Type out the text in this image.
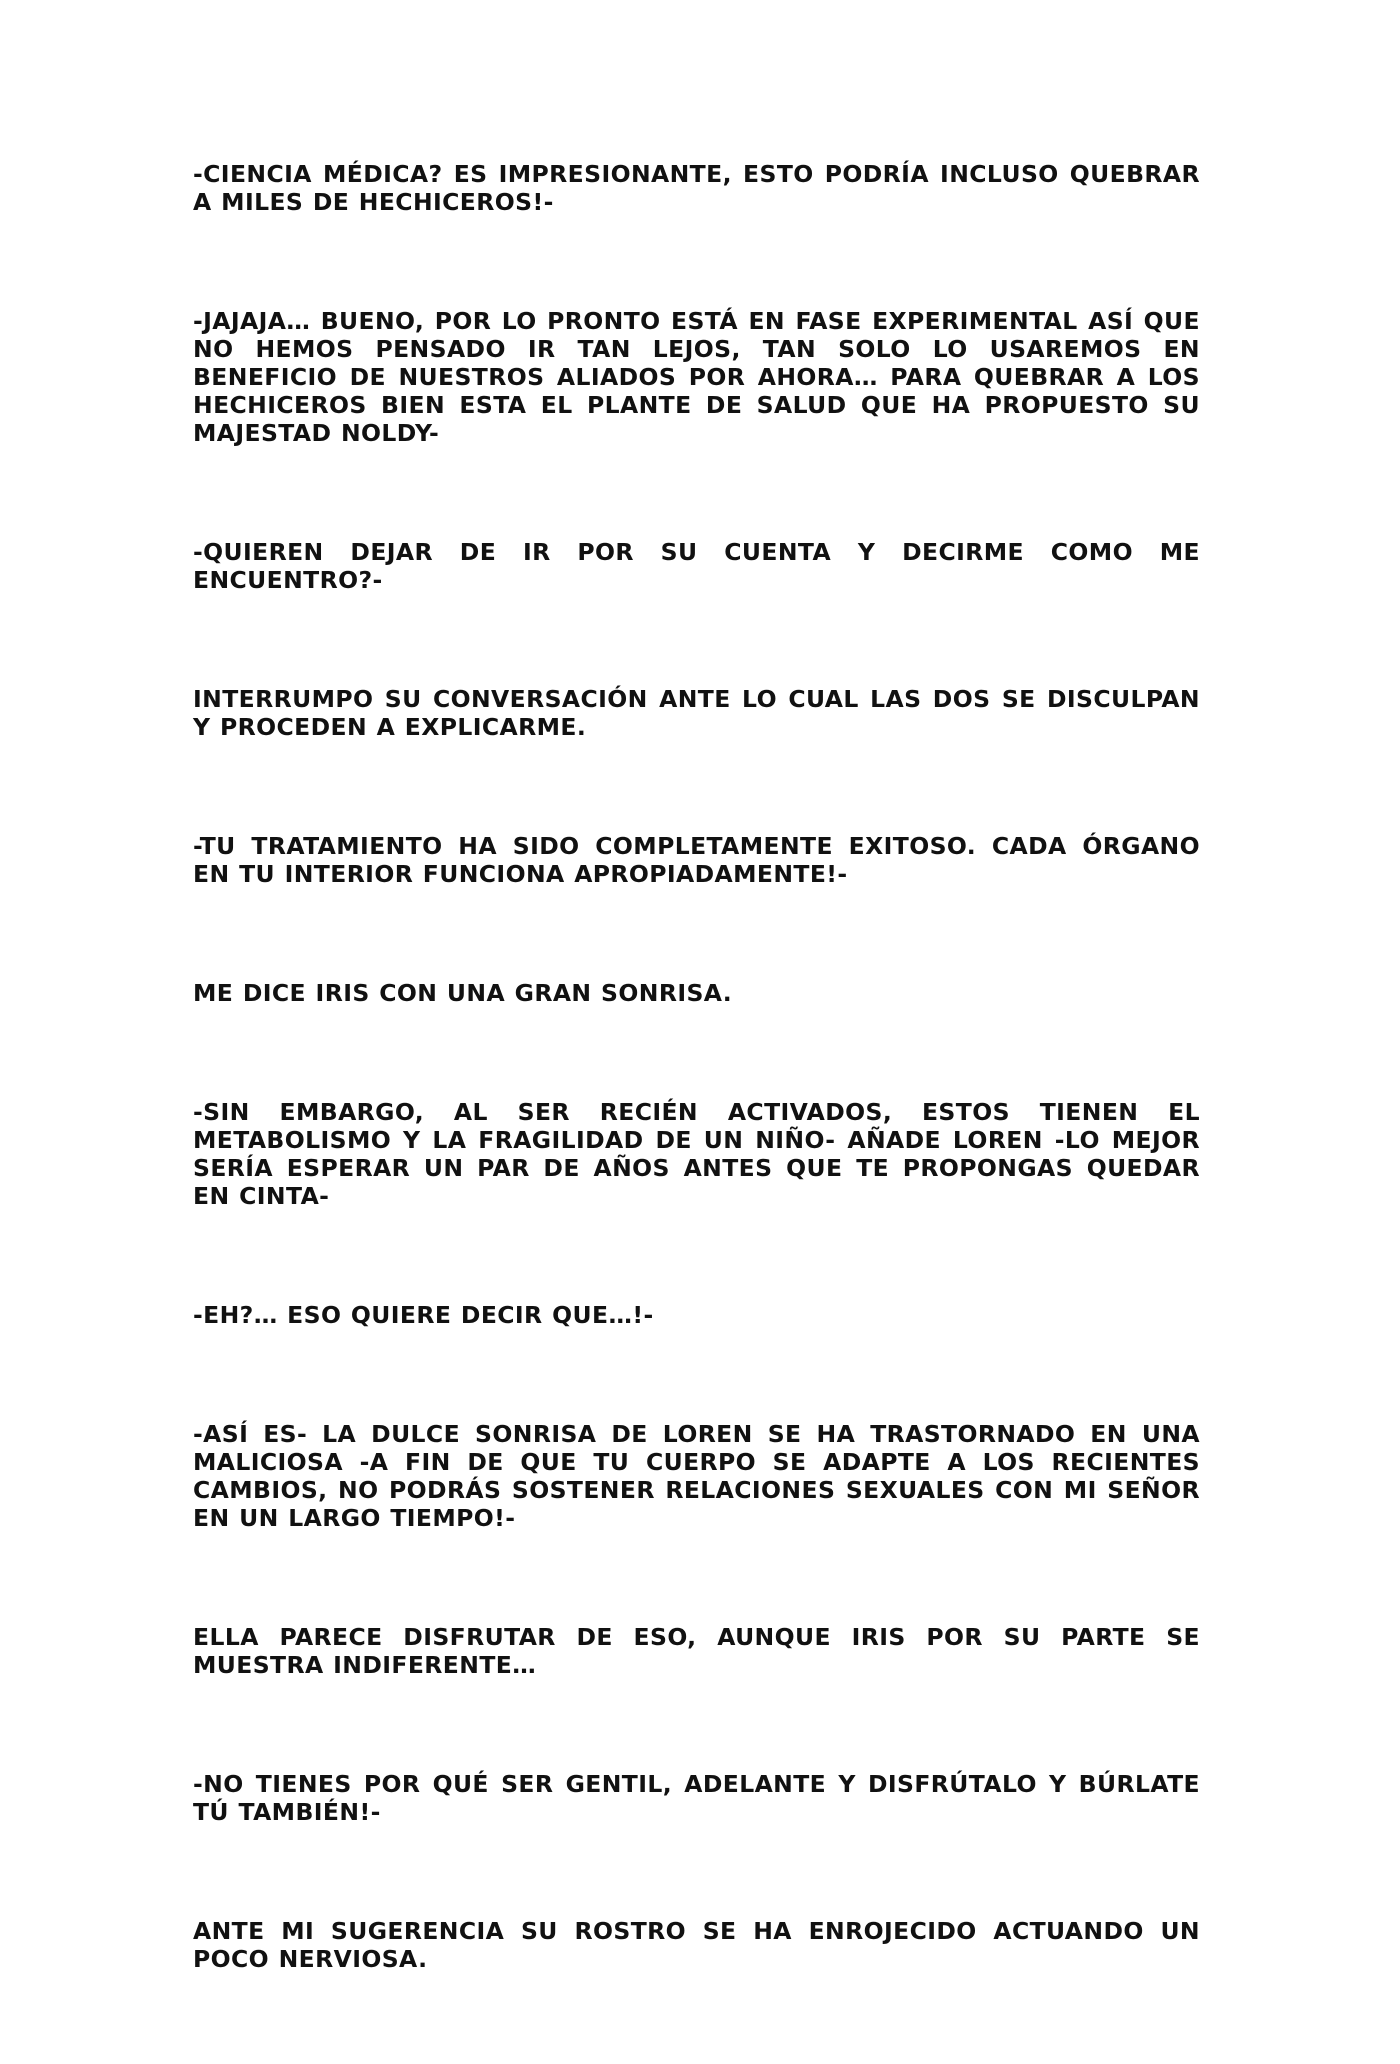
-CIENCIA MÉDICA? ES IMPRESIONANTE, ESTO PODRÍA INCLUSO QUEBRAR A MILES DE HECHICEROS!-

-JAJAJA… BUENO, POR LO PRONTO ESTÁ EN FASE EXPERIMENTAL ASÍ QUE NO HEMOS PENSADO IR TAN LEJOS, TAN SOLO LO USAREMOS EN BENEFICIO DE NUESTROS ALIADOS POR AHORA… PARA QUEBRAR A LOS HECHICEROS BIEN ESTA EL PLANTE DE SALUD QUE HA PROPUESTO SU MAJESTAD NOLDY-

-QUIEREN DEJAR DE IR POR SU CUENTA Y DECIRME COMO ME ENCUENTRO?-

INTERRUMPO SU CONVERSACIÓN ANTE LO CUAL LAS DOS SE DISCULPAN Y PROCEDEN A EXPLICARME.

-TU TRATAMIENTO HA SIDO COMPLETAMENTE EXITOSO. CADA ÓRGANO EN TU INTERIOR FUNCIONA APROPIADAMENTE!-

ME DICE IRIS CON UNA GRAN SONRISA.

-SIN EMBARGO, AL SER RECIÉN ACTIVADOS, ESTOS TIENEN EL METABOLISMO Y LA FRAGILIDAD DE UN NIÑO- AÑADE LOREN -LO MEJOR SERÍA ESPERAR UN PAR DE AÑOS ANTES QUE TE PROPONGAS QUEDAR EN CINTA-

-EH?… ESO QUIERE DECIR QUE…!-

-ASÍ ES- LA DULCE SONRISA DE LOREN SE HA TRASTORNADO EN UNA MALICIOSA -A FIN DE QUE TU CUERPO SE ADAPTE A LOS RECIENTES CAMBIOS, NO PODRÁS SOSTENER RELACIONES SEXUALES CON MI SEÑOR EN UN LARGO TIEMPO!-

ELLA PARECE DISFRUTAR DE ESO, AUNQUE IRIS POR SU PARTE SE MUESTRA INDIFERENTE…

-NO TIENES POR QUÉ SER GENTIL, ADELANTE Y DISFRÚTALO Y BÚRLATE TÚ TAMBIÉN!-

ANTE MI SUGERENCIA SU ROSTRO SE HA ENROJECIDO ACTUANDO UN POCO NERVIOSA.
